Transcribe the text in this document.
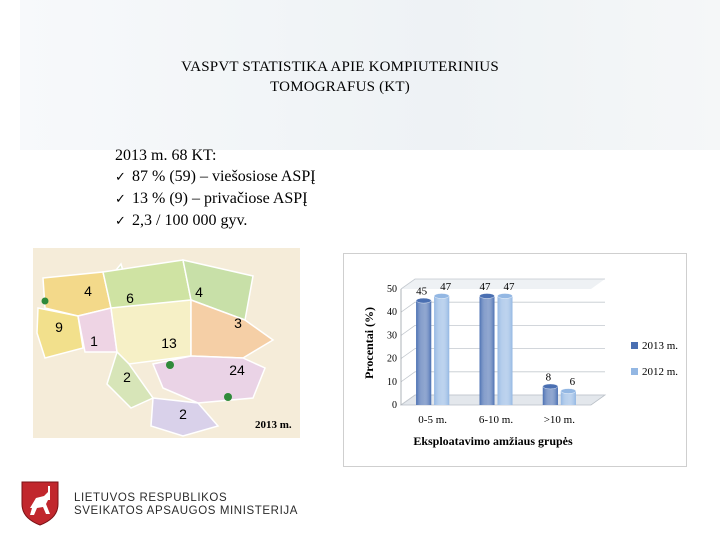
VASPVT STATISTIKA APIE KOMPIUTERINIUS
TOMOGRAFUS (KT)
2013 m. 68 KT:
✓ 87 % (59) – viešosiose ASPĮ
✓ 13 % (9) – privačiose ASPĮ
✓ 2,3 / 100 000 gyv.
4 6	4
9
1	13
3
2	24
2
2013 m.
0
10
20
30
40
50 45 47	47 47
8 6
0-5 m.	6-10 m.	>10 m.
Eksploatavimo amžiaus grupės
Procentai (%)	2013 m.
2012 m.
LIETUVOS RESPUBLIKOS
SVEIKATOS APSAUGOS MINISTERIJA
